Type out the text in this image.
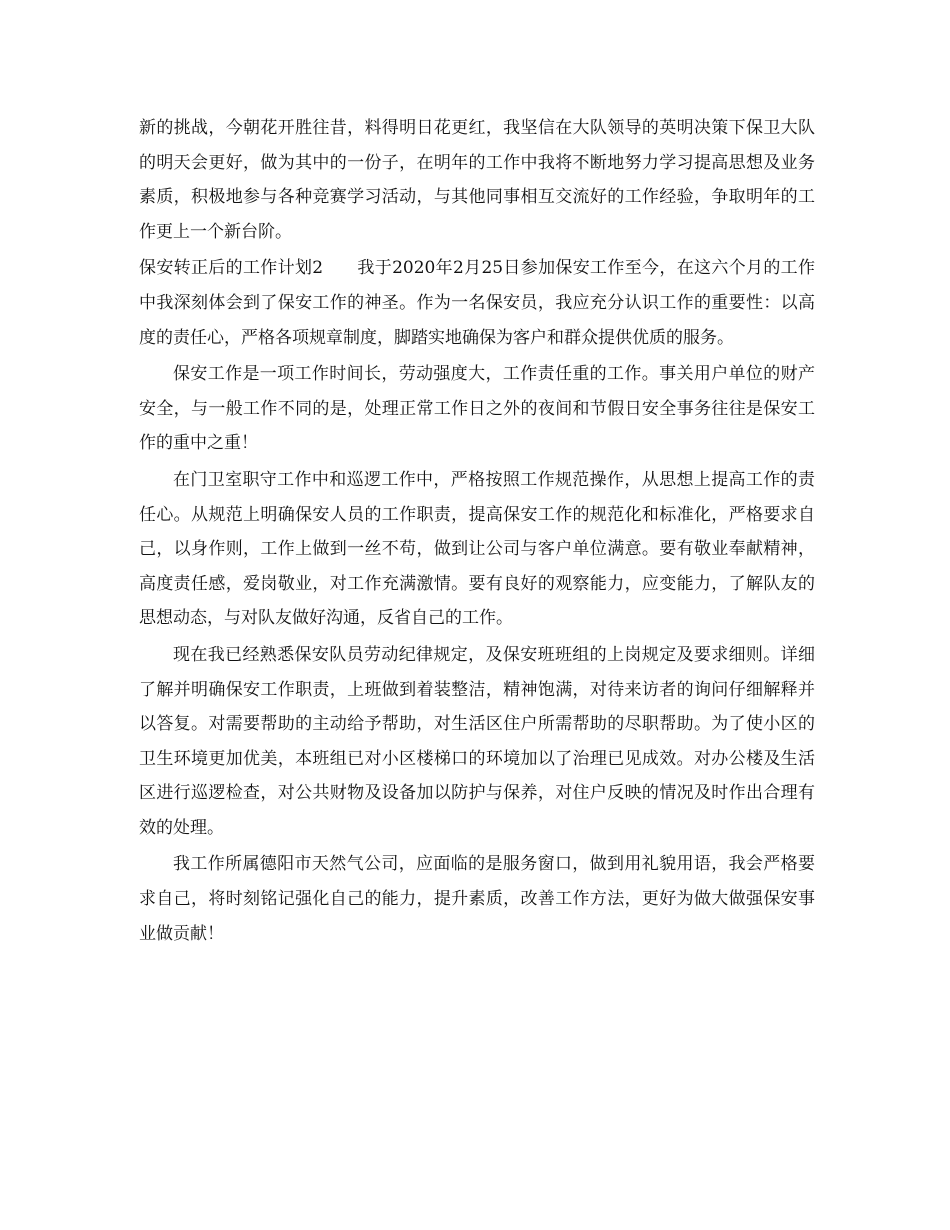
新的挑战，今朝花开胜往昔，料得明日花更红，我坚信在大队领导的英明决策下保卫大队的明天会更好，做为其中的一份子，在明年的工作中我将不断地努力学习提高思想及业务素质，积极地参与各种竞赛学习活动，与其他同事相互交流好的工作经验，争取明年的工作更上一个新台阶。

保安转正后的工作计划2 我于2020年2月25日参加保安工作至今，在这六个月的工作中我深刻体会到了保安工作的神圣。作为一名保安员，我应充分认识工作的重要性：以高度的责任心，严格各项规章制度，脚踏实地确保为客户和群众提供优质的服务。

保安工作是一项工作时间长，劳动强度大，工作责任重的工作。事关用户单位的财产安全，与一般工作不同的是，处理正常工作日之外的夜间和节假日安全事务往往是保安工作的重中之重！

在门卫室职守工作中和巡逻工作中，严格按照工作规范操作，从思想上提高工作的责任心。从规范上明确保安人员的工作职责，提高保安工作的规范化和标准化，严格要求自己，以身作则，工作上做到一丝不苟，做到让公司与客户单位满意。要有敬业奉献精神，高度责任感，爱岗敬业，对工作充满激情。要有良好的观察能力，应变能力，了解队友的思想动态，与对队友做好沟通，反省自己的工作。

现在我已经熟悉保安队员劳动纪律规定，及保安班班组的上岗规定及要求细则。详细了解并明确保安工作职责，上班做到着装整洁，精神饱满，对待来访者的询问仔细解释并以答复。对需要帮助的主动给予帮助，对生活区住户所需帮助的尽职帮助。为了使小区的卫生环境更加优美，本班组已对小区楼梯口的环境加以了治理已见成效。对办公楼及生活区进行巡逻检查，对公共财物及设备加以防护与保养，对住户反映的情况及时作出合理有效的处理。

我工作所属德阳市天然气公司，应面临的是服务窗口，做到用礼貌用语，我会严格要求自己，将时刻铭记强化自己的能力，提升素质，改善工作方法，更好为做大做强保安事业做贡献！
